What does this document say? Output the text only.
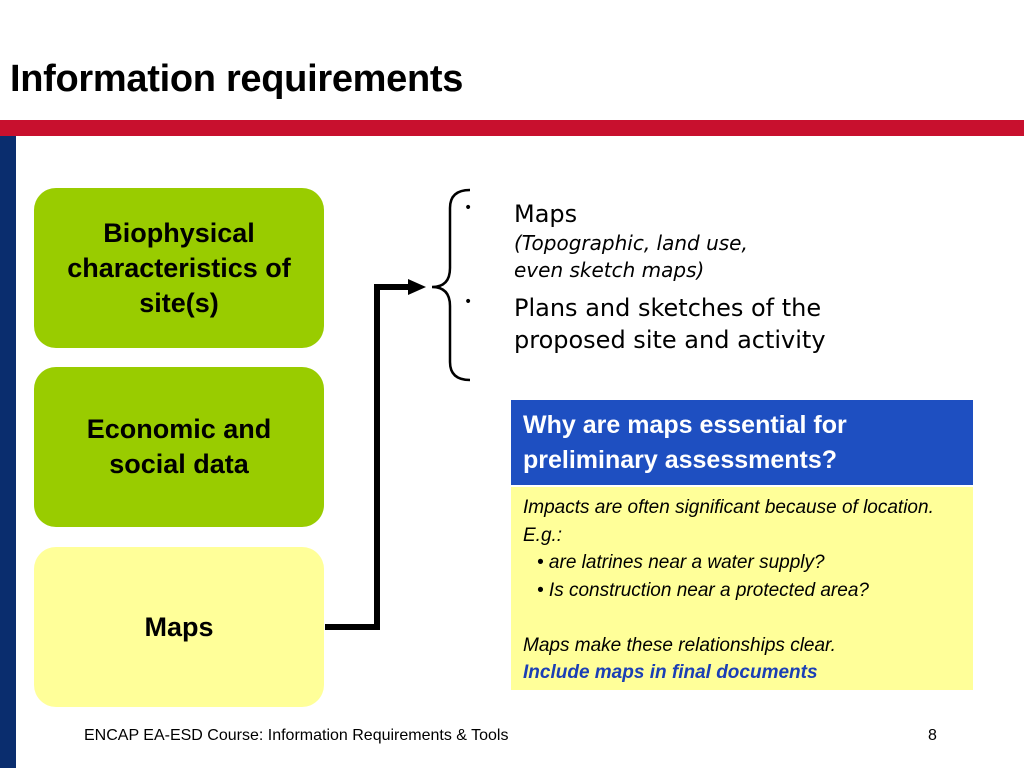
Information requirements
Biophysical characteristics of site(s)
Economic and social data
Maps
• Maps
(Topographic, land use,
even sketch maps)
• Plans and sketches of the proposed site and activity
Why are maps essential for preliminary assessments?
Impacts are often significant because of location. E.g.:
• are latrines near a water supply?
• Is construction near a protected area?
Maps make these relationships clear.
Include maps in final documents
ENCAP EA-ESD Course: Information Requirements & Tools	8
